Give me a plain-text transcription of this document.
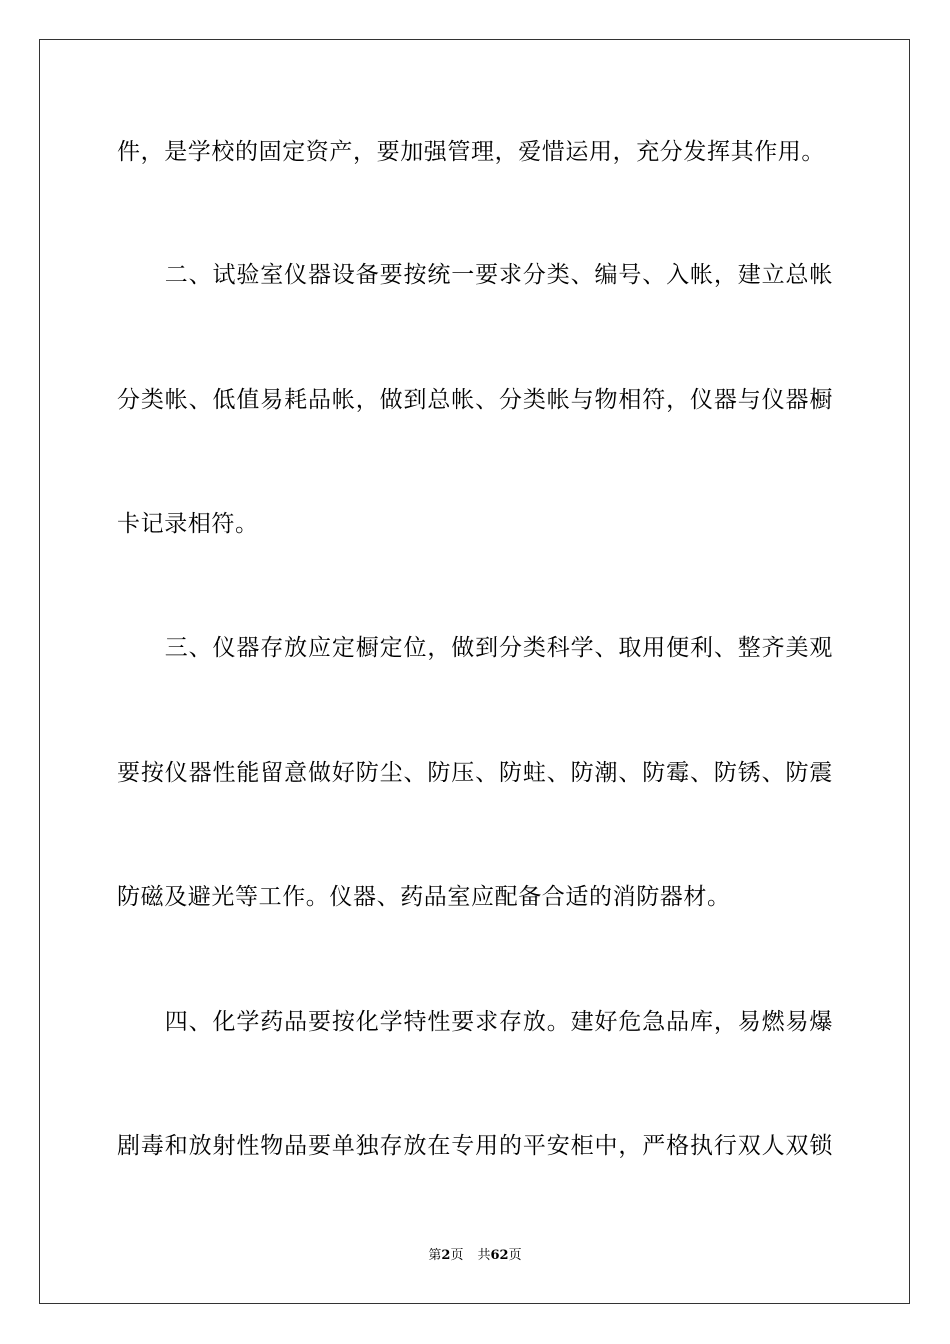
件，是学校的固定资产，要加强管理，爱惜运用，充分发挥其作用。
　　二、试验室仪器设备要按统一要求分类、编号、入帐，建立总帐
分类帐、低值易耗品帐，做到总帐、分类帐与物相符，仪器与仪器橱
卡记录相符。
　　三、仪器存放应定橱定位，做到分类科学、取用便利、整齐美观
要按仪器性能留意做好防尘、防压、防蛀、防潮、防霉、防锈、防震
防磁及避光等工作。仪器、药品室应配备合适的消防器材。
　　四、化学药品要按化学特性要求存放。建好危急品库，易燃易爆
剧毒和放射性物品要单独存放在专用的平安柜中，严格执行双人双锁
第2页 共62页
